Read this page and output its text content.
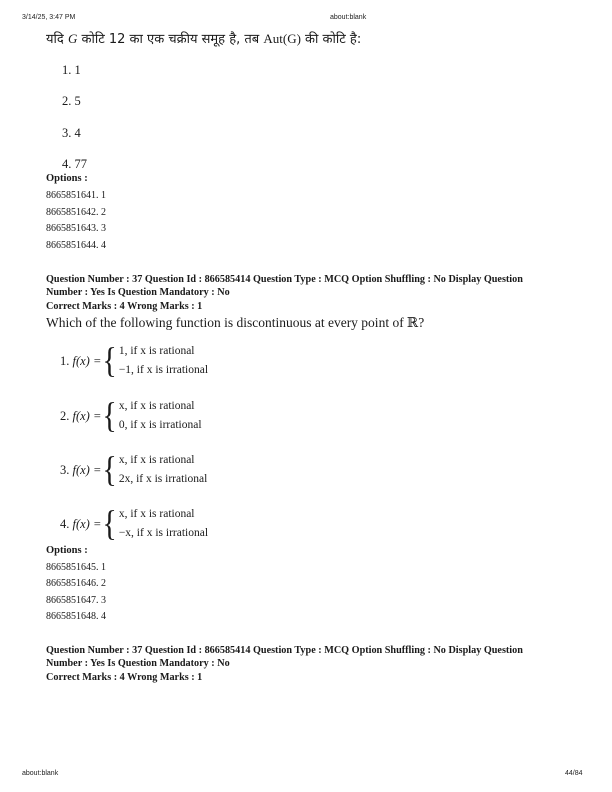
3/14/25, 3:47 PM	about:blank
यदि G कोटि 12 का एक चक्रीय समूह है, तब Aut(G) की कोटि है:
1. 1
2. 5
3. 4
4. 77
Options :
8665851641. 1
8665851642. 2
8665851643. 3
8665851644. 4
Question Number : 37 Question Id : 866585414 Question Type : MCQ Option Shuffling : No Display Question
Number : Yes Is Question Mandatory : No
Correct Marks : 4 Wrong Marks : 1
Which of the following function is discontinuous at every point of ℝ?
1.
f(x) = { 1, if x is rational
−1, if x is irrational
2.
f(x) = { x, if x is rational
0, if x is irrational
3.
f(x) = { x, if x is rational
2x, if x is irrational
4.
f(x) = { x, if x is rational
−x, if x is irrational
Options :
8665851645. 1
8665851646. 2
8665851647. 3
8665851648. 4
Question Number : 37 Question Id : 866585414 Question Type : MCQ Option Shuffling : No Display Question
Number : Yes Is Question Mandatory : No
Correct Marks : 4 Wrong Marks : 1
about:blank	44/84
